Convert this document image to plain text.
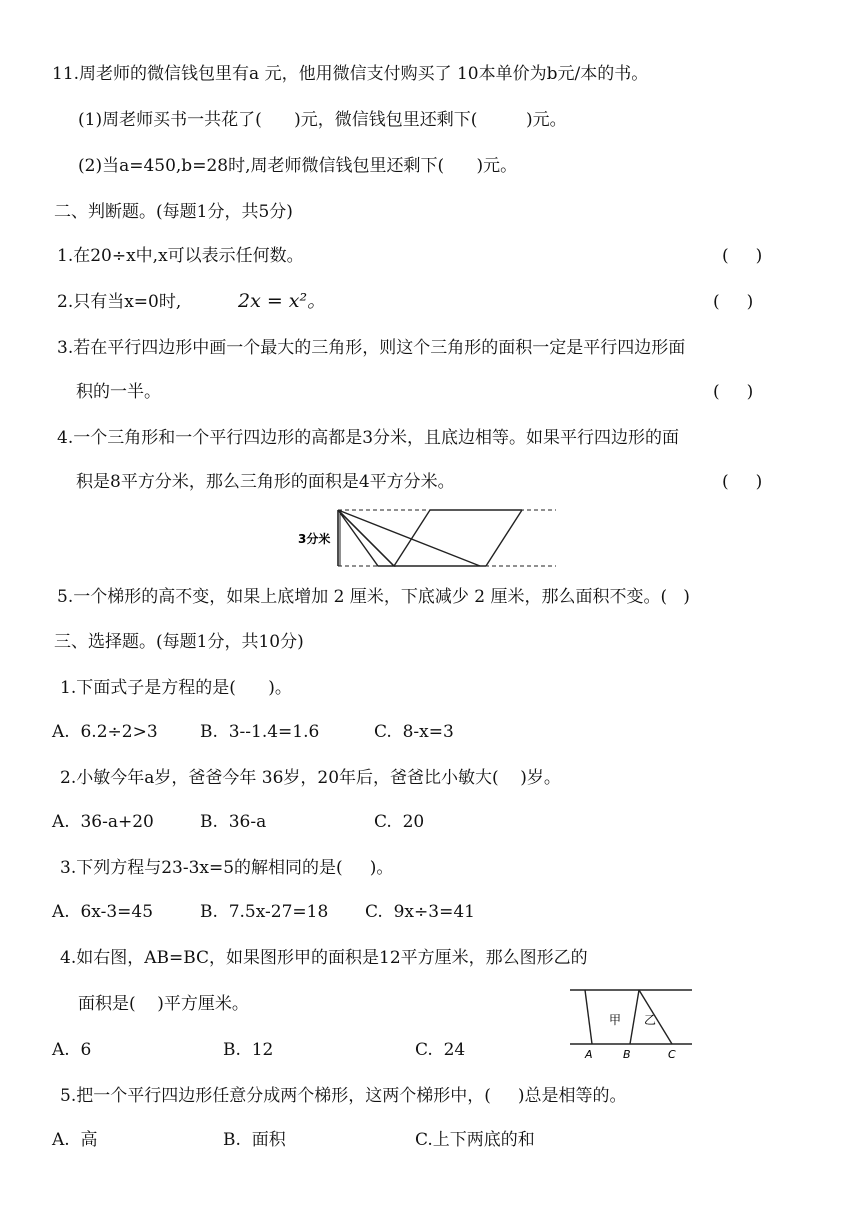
11.周老师的微信钱包里有a 元，他用微信支付购买了 10本单价为b元/本的书。
(1)周老师买书一共花了(      )元，微信钱包里还剩下(         )元。
(2)当a=450,b=28时,周老师微信钱包里还剩下(      )元。
二、判断题。(每题1分，共5分)
1.在20÷x中,x可以表示任何数。	(     )
2.只有当x=0时,	2x = x²。	(     )
3.若在平行四边形中画一个最大的三角形，则这个三角形的面积一定是平行四边形面
积的一半。	(     )
4.一个三角形和一个平行四边形的高都是3分米，且底边相等。如果平行四边形的面
积是8平方分米，那么三角形的面积是4平方分米。	(     )
3分米
5.一个梯形的高不变，如果上底增加 2 厘米，下底减少 2 厘米，那么面积不变。(   )
三、选择题。(每题1分，共10分)
1.下面式子是方程的是(      )。
A.  6.2÷2>3 B.  3--1.4=1.6	C.  8-x=3
2.小敏今年a岁，爸爸今年 36岁，20年后，爸爸比小敏大(    )岁。
A.  36-a+20	B.  36-a	C.  20
3.下列方程与23-3x=5的解相同的是(     )。
A.  6x-3=45	B.  7.5x-27=18 C.  9x÷3=41
4.如右图，AB=BC，如果图形甲的面积是12平方厘米，那么图形乙的
面积是(    )平方厘米。
A.  6	B.  12	C.  24
甲 乙
A	B	C
5.把一个平行四边形任意分成两个梯形，这两个梯形中，(     )总是相等的。
A.  高	B.  面积	C.上下两底的和
